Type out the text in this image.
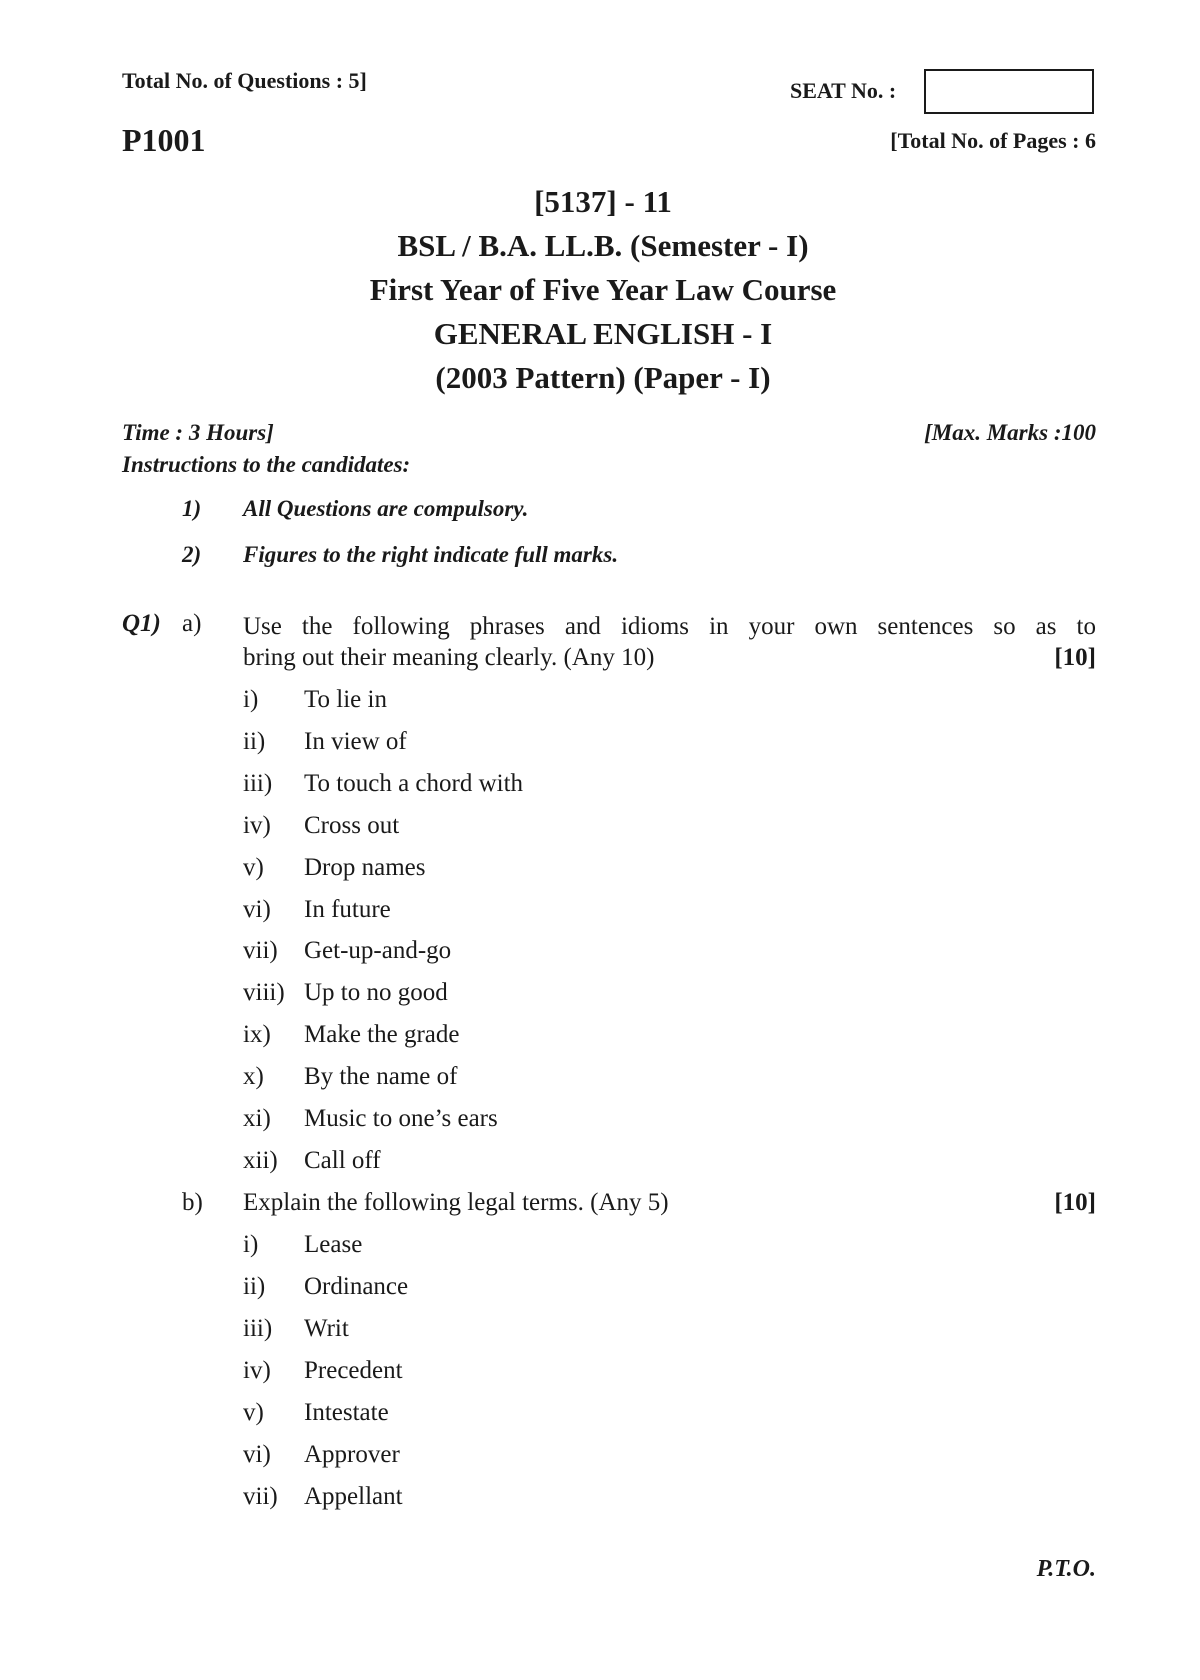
Total No. of Questions : 5]	SEAT No. :
P1001	[Total No. of Pages : 6
[5137] - 11
BSL / B.A. LL.B. (Semester - I)
First Year of Five Year Law Course
GENERAL ENGLISH - I
(2003 Pattern) (Paper - I)
Time : 3 Hours]	[Max. Marks :100
Instructions to the candidates:
1) All Questions are compulsory.
2) Figures to the right indicate full marks.
Q1) a) Use the following phrases and idioms in your own sentences so as to
bring out their meaning clearly. (Any 10)	[10]
i) To lie in
ii) In view of
iii) To touch a chord with
iv) Cross out
v) Drop names
vi) In future
vii) Get-up-and-go
viii) Up to no good
ix) Make the grade
x) By the name of
xi) Music to one’s ears
xii) Call off
b) Explain the following legal terms. (Any 5)	[10]
i) Lease
ii) Ordinance
iii) Writ
iv) Precedent
v) Intestate
vi) Approver
vii) Appellant
P.T.O.
